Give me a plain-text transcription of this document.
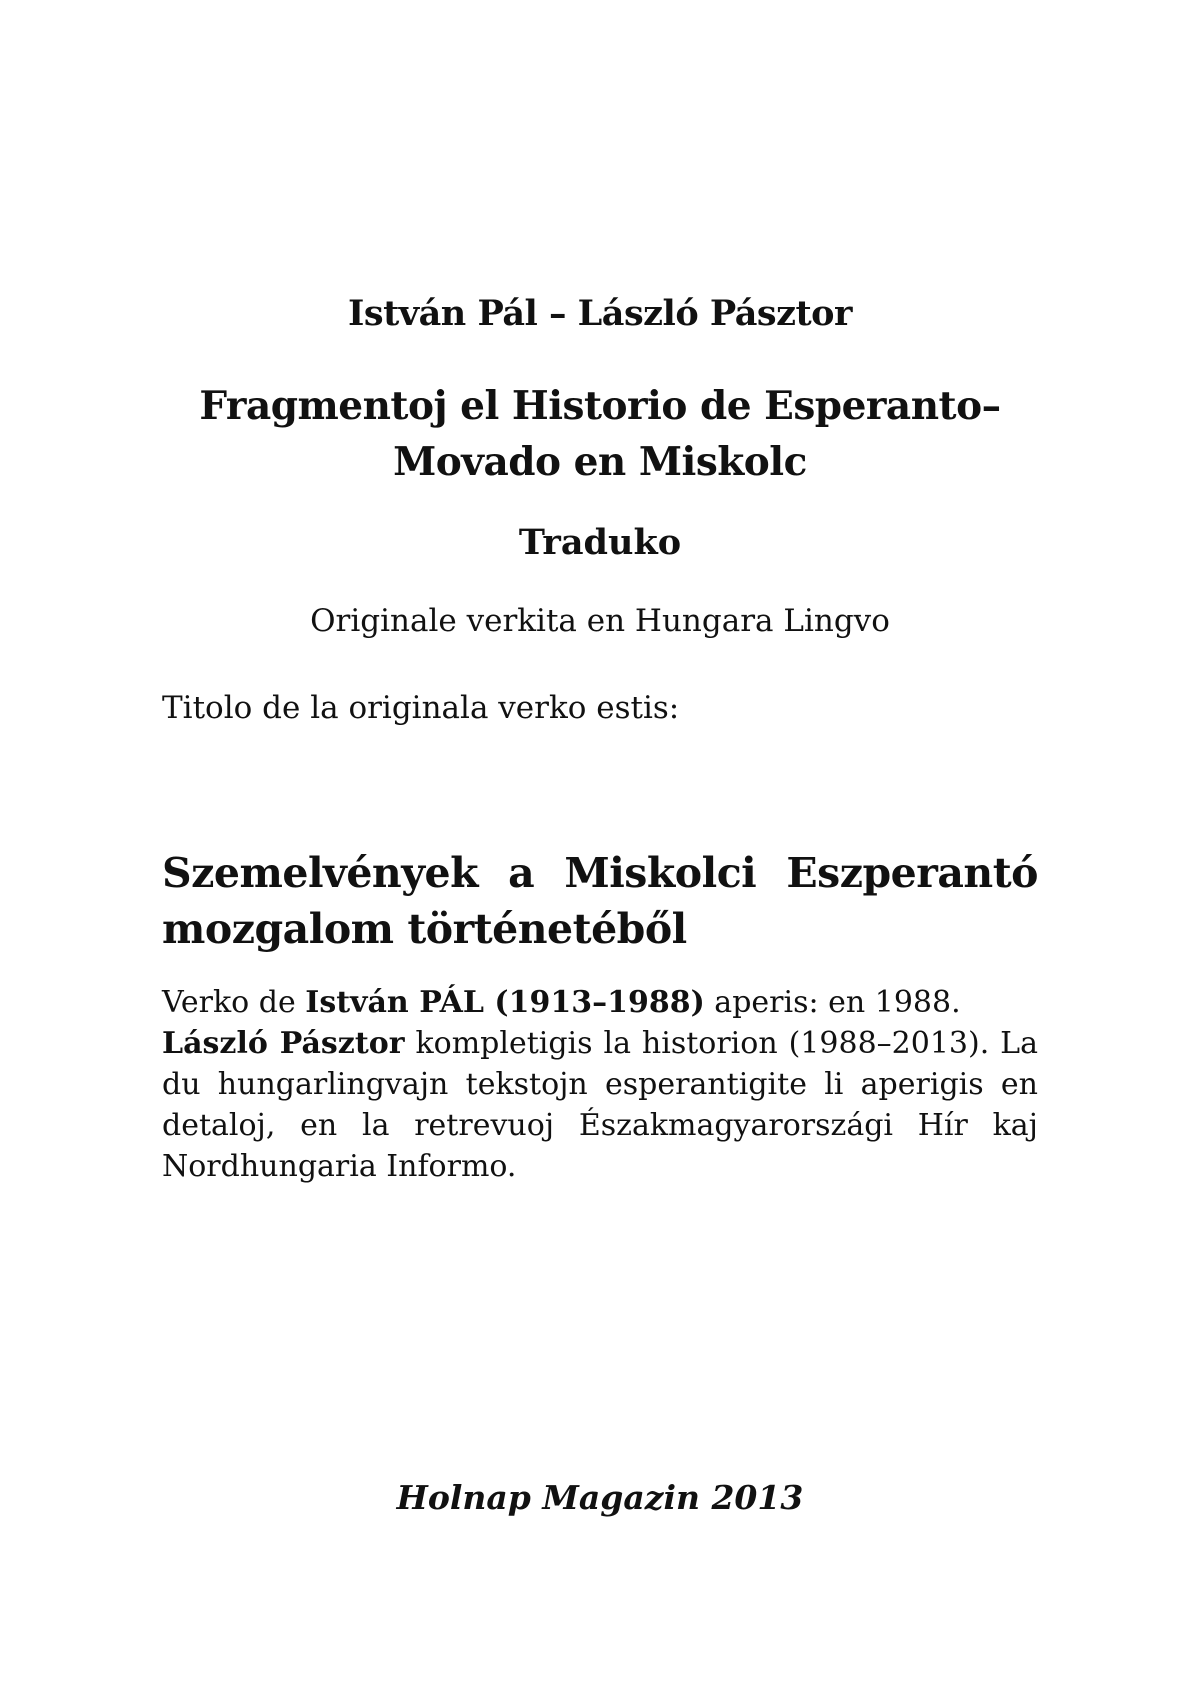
István Pál – László Pásztor
Fragmentoj el Historio de Esperanto–
Movado en Miskolc
Traduko
Originale verkita en Hungara Lingvo
Titolo de la originala verko estis:
Szemelvények a Miskolci Eszperantó mozgalom történetéből
Verko de István PÁL (1913–1988) aperis: en 1988.
László Pásztor kompletigis la historion (1988–2013). La du hungarlingvajn tekstojn esperantigite li aperigis en detaloj, en la retrevuoj Északmagyarországi Hír kaj Nordhungaria Informo.
Holnap Magazin 2013
